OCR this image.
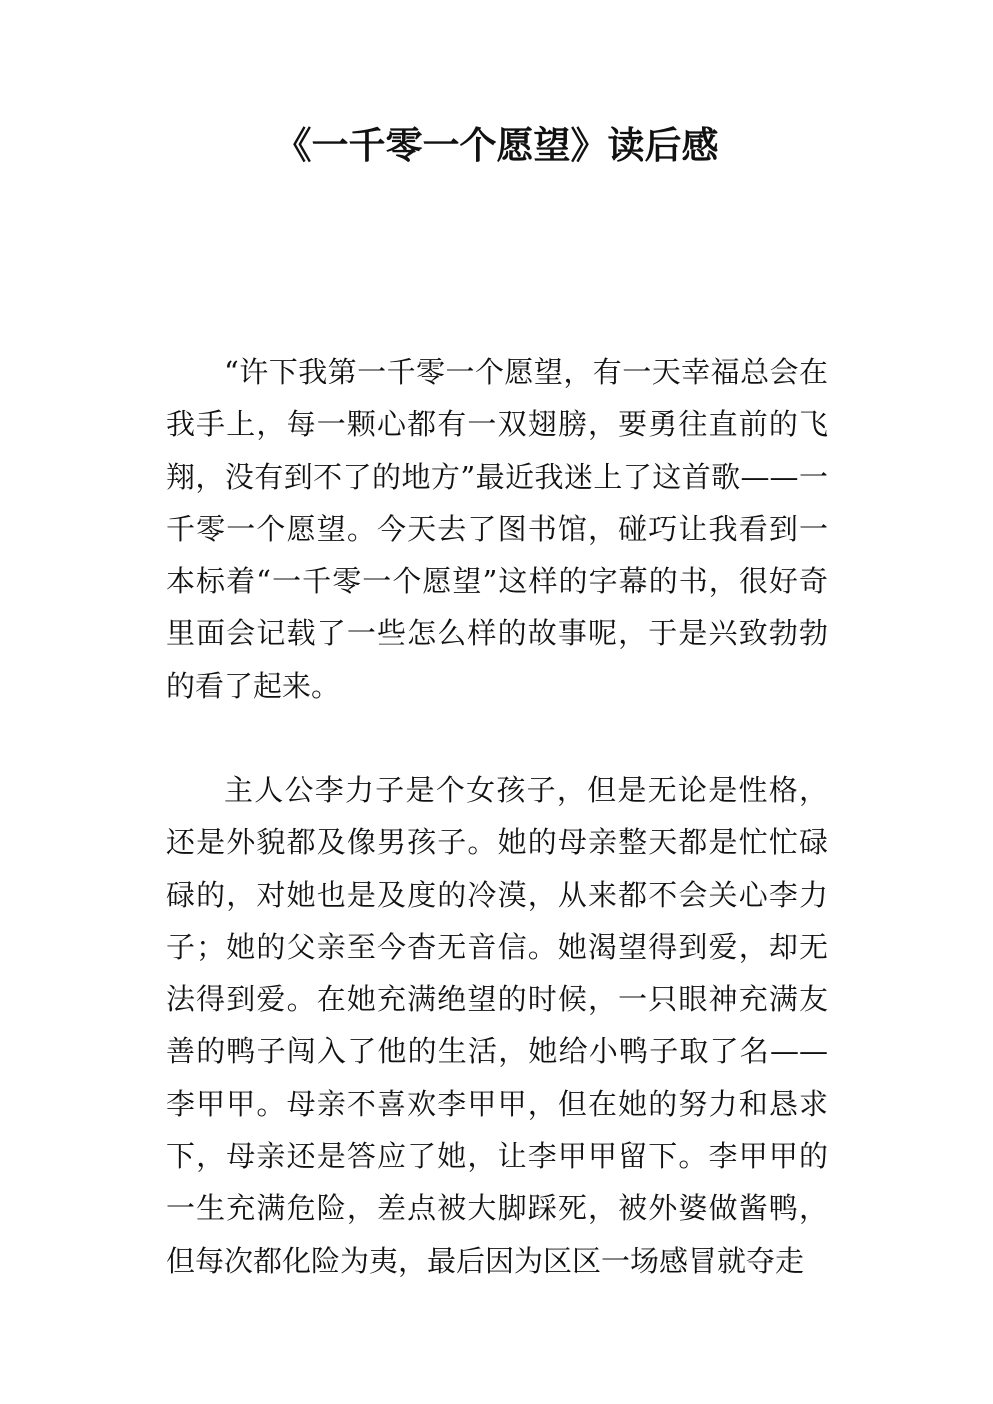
《一千零一个愿望》读后感

“许下我第一千零一个愿望，有一天幸福总会在我手上，每一颗心都有一双翅膀，要勇往直前的飞翔，没有到不了的地方”最近我迷上了这首歌——一千零一个愿望。今天去了图书馆，碰巧让我看到一本标着“一千零一个愿望”这样的字幕的书，很好奇里面会记载了一些怎么样的故事呢，于是兴致勃勃的看了起来。

主人公李力子是个女孩子，但是无论是性格，还是外貌都及像男孩子。她的母亲整天都是忙忙碌碌的，对她也是及度的冷漠，从来都不会关心李力子；她的父亲至今杳无音信。她渴望得到爱，却无法得到爱。在她充满绝望的时候，一只眼神充满友善的鸭子闯入了他的生活，她给小鸭子取了名——李甲甲。母亲不喜欢李甲甲，但在她的努力和恳求下，母亲还是答应了她，让李甲甲留下。李甲甲的一生充满危险，差点被大脚踩死，被外婆做酱鸭，但每次都化险为夷，最后因为区区一场感冒就夺走
